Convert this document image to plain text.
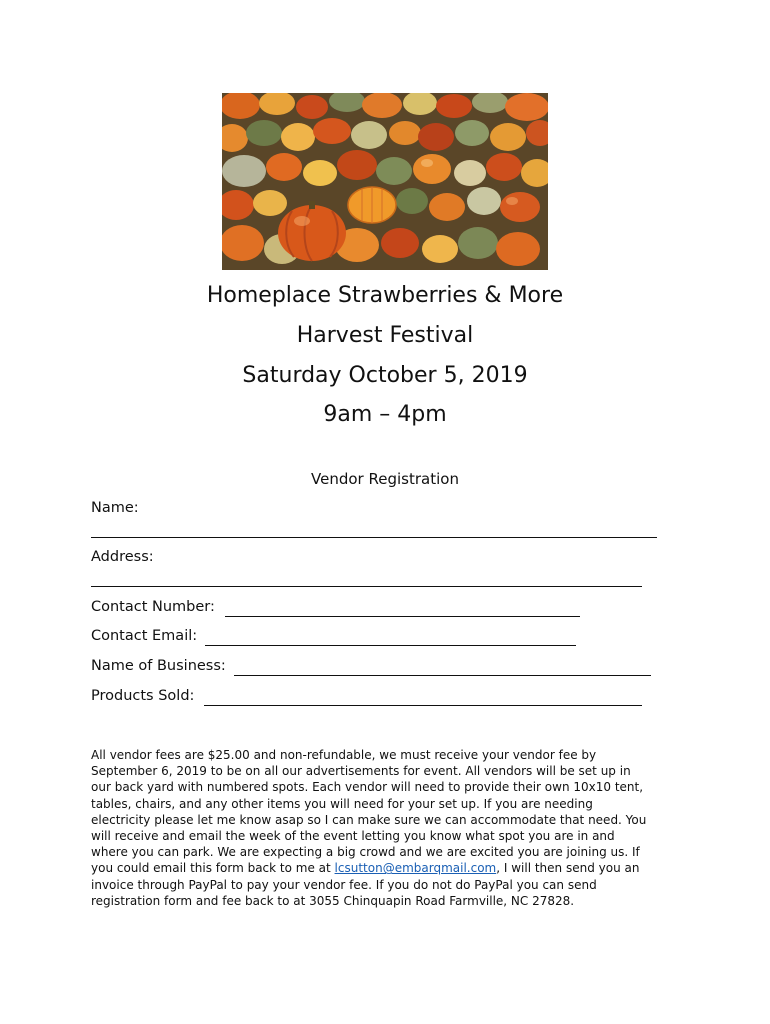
Homeplace Strawberries & More
Harvest Festival
Saturday October 5, 2019
9am – 4pm
Vendor Registration
Name:
Address:
Contact Number:
Contact Email:
Name of Business:
Products Sold:

All vendor fees are $25.00 and non-refundable, we must receive your vendor fee by

September 6, 2019 to be on all our advertisements for event. All vendors will be set up in

our back yard with numbered spots. Each vendor will need to provide their own 10x10 tent,

tables, chairs, and any other items you will need for your set up. If you are needing

electricity please let me know asap so I can make sure we can accommodate that need. You

will receive and email the week of the event letting you know what spot you are in and

where you can park. We are expecting a big crowd and we are excited you are joining us. If

you could email this form back to me at lcsutton@embarqmail.com, I will then send you an

invoice through PayPal to pay your vendor fee. If you do not do PayPal you can send

registration form and fee back to at 3055 Chinquapin Road Farmville, NC 27828.
